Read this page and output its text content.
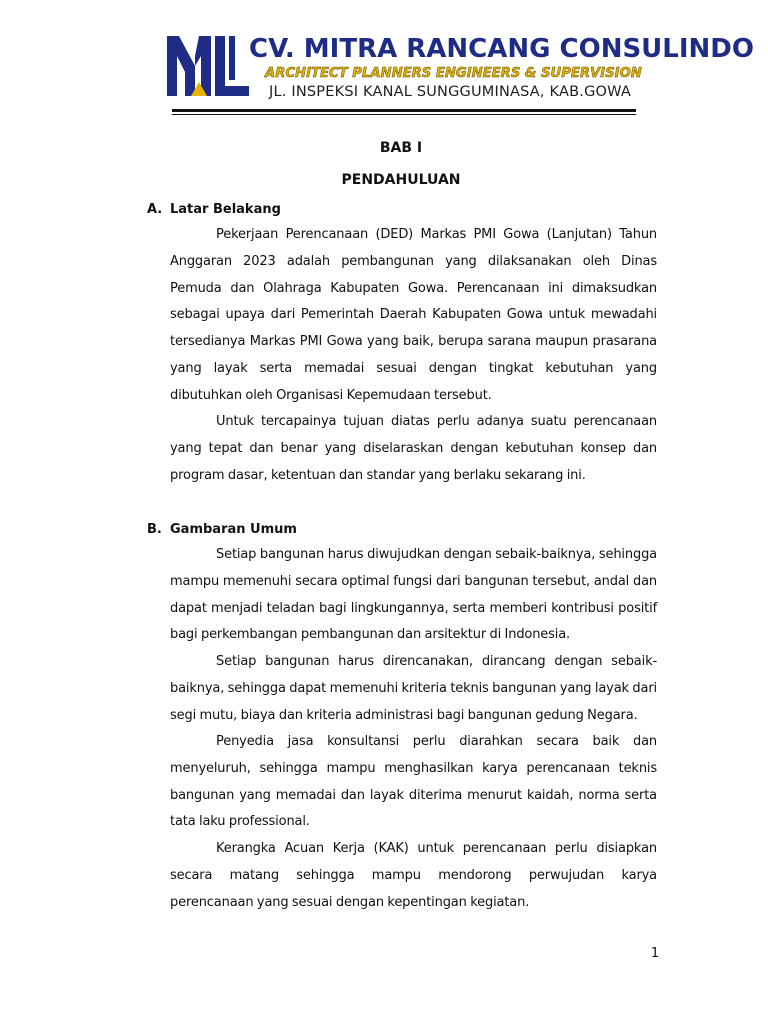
CV. MITRA RANCANG CONSULINDO
ARCHITECT PLANNERS ENGINEERS & SUPERVISION
JL. INSPEKSI KANAL SUNGGUMINASA, KAB.GOWA
BAB I
PENDAHULUAN
A. Latar Belakang

Pekerjaan Perencanaan (DED) Markas PMI Gowa (Lanjutan) Tahun Anggaran 2023 adalah pembangunan yang dilaksanakan oleh Dinas Pemuda dan Olahraga Kabupaten Gowa. Perencanaan ini dimaksudkan sebagai upaya dari Pemerintah Daerah Kabupaten Gowa untuk mewadahi tersedianya Markas PMI Gowa yang baik, berupa sarana maupun prasarana yang layak serta memadai sesuai dengan tingkat kebutuhan yang dibutuhkan oleh Organisasi Kepemudaan tersebut.

Untuk tercapainya tujuan diatas perlu adanya suatu perencanaan yang tepat dan benar yang diselaraskan dengan kebutuhan konsep dan program dasar, ketentuan dan standar yang berlaku sekarang ini.

B. Gambaran Umum

Setiap bangunan harus diwujudkan dengan sebaik-baiknya, sehingga mampu memenuhi secara optimal fungsi dari bangunan tersebut, andal dan dapat menjadi teladan bagi lingkungannya, serta memberi kontribusi positif bagi perkembangan pembangunan dan arsitektur di Indonesia.

Setiap bangunan harus direncanakan, dirancang dengan sebaik-baiknya, sehingga dapat memenuhi kriteria teknis bangunan yang layak dari segi mutu, biaya dan kriteria administrasi bagi bangunan gedung Negara.

Penyedia jasa konsultansi perlu diarahkan secara baik dan menyeluruh, sehingga mampu menghasilkan karya perencanaan teknis bangunan yang memadai dan layak diterima menurut kaidah, norma serta tata laku professional.

Kerangka Acuan Kerja (KAK) untuk perencanaan perlu disiapkan secara matang sehingga mampu mendorong perwujudan karya perencanaan yang sesuai dengan kepentingan kegiatan.

1
